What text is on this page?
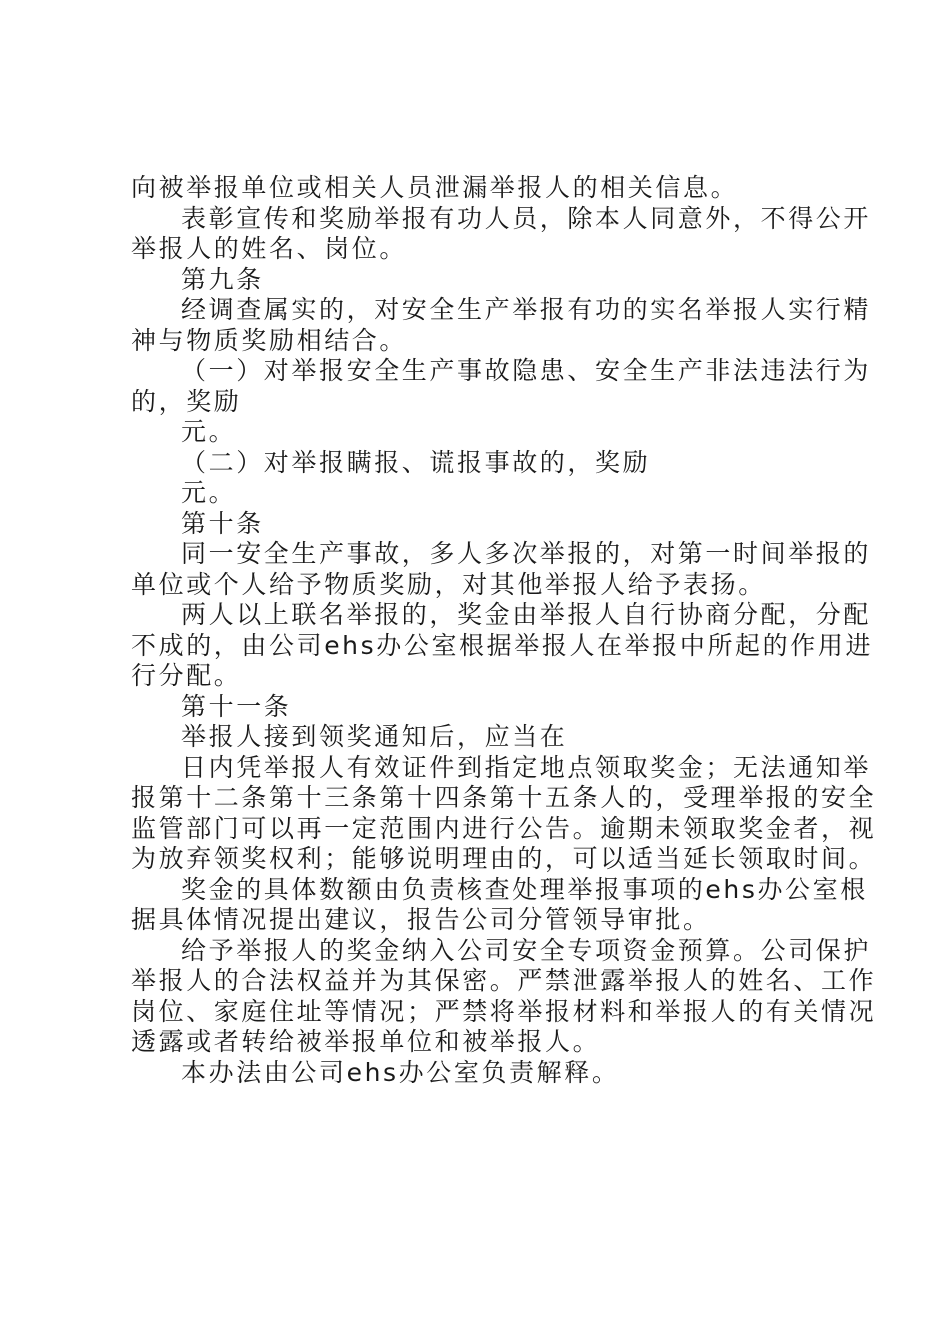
向被举报单位或相关人员泄漏举报人的相关信息。
表彰宣传和奖励举报有功人员，除本人同意外，不得公开
举报人的姓名、岗位。
第九条
经调查属实的，对安全生产举报有功的实名举报人实行精
神与物质奖励相结合。
（一）对举报安全生产事故隐患、安全生产非法违法行为
的，奖励
元。
（二）对举报瞒报、谎报事故的，奖励
元。
第十条
同一安全生产事故，多人多次举报的，对第一时间举报的
单位或个人给予物质奖励，对其他举报人给予表扬。
两人以上联名举报的，奖金由举报人自行协商分配，分配
不成的，由公司ehs办公室根据举报人在举报中所起的作用进
行分配。
第十一条
举报人接到领奖通知后，应当在
日内凭举报人有效证件到指定地点领取奖金；无法通知举
报第十二条第十三条第十四条第十五条人的，受理举报的安全
监管部门可以再一定范围内进行公告。逾期未领取奖金者，视
为放弃领奖权利；能够说明理由的，可以适当延长领取时间。
奖金的具体数额由负责核查处理举报事项的ehs办公室根
据具体情况提出建议，报告公司分管领导审批。
给予举报人的奖金纳入公司安全专项资金预算。公司保护
举报人的合法权益并为其保密。严禁泄露举报人的姓名、工作
岗位、家庭住址等情况；严禁将举报材料和举报人的有关情况
透露或者转给被举报单位和被举报人。
本办法由公司ehs办公室负责解释。
